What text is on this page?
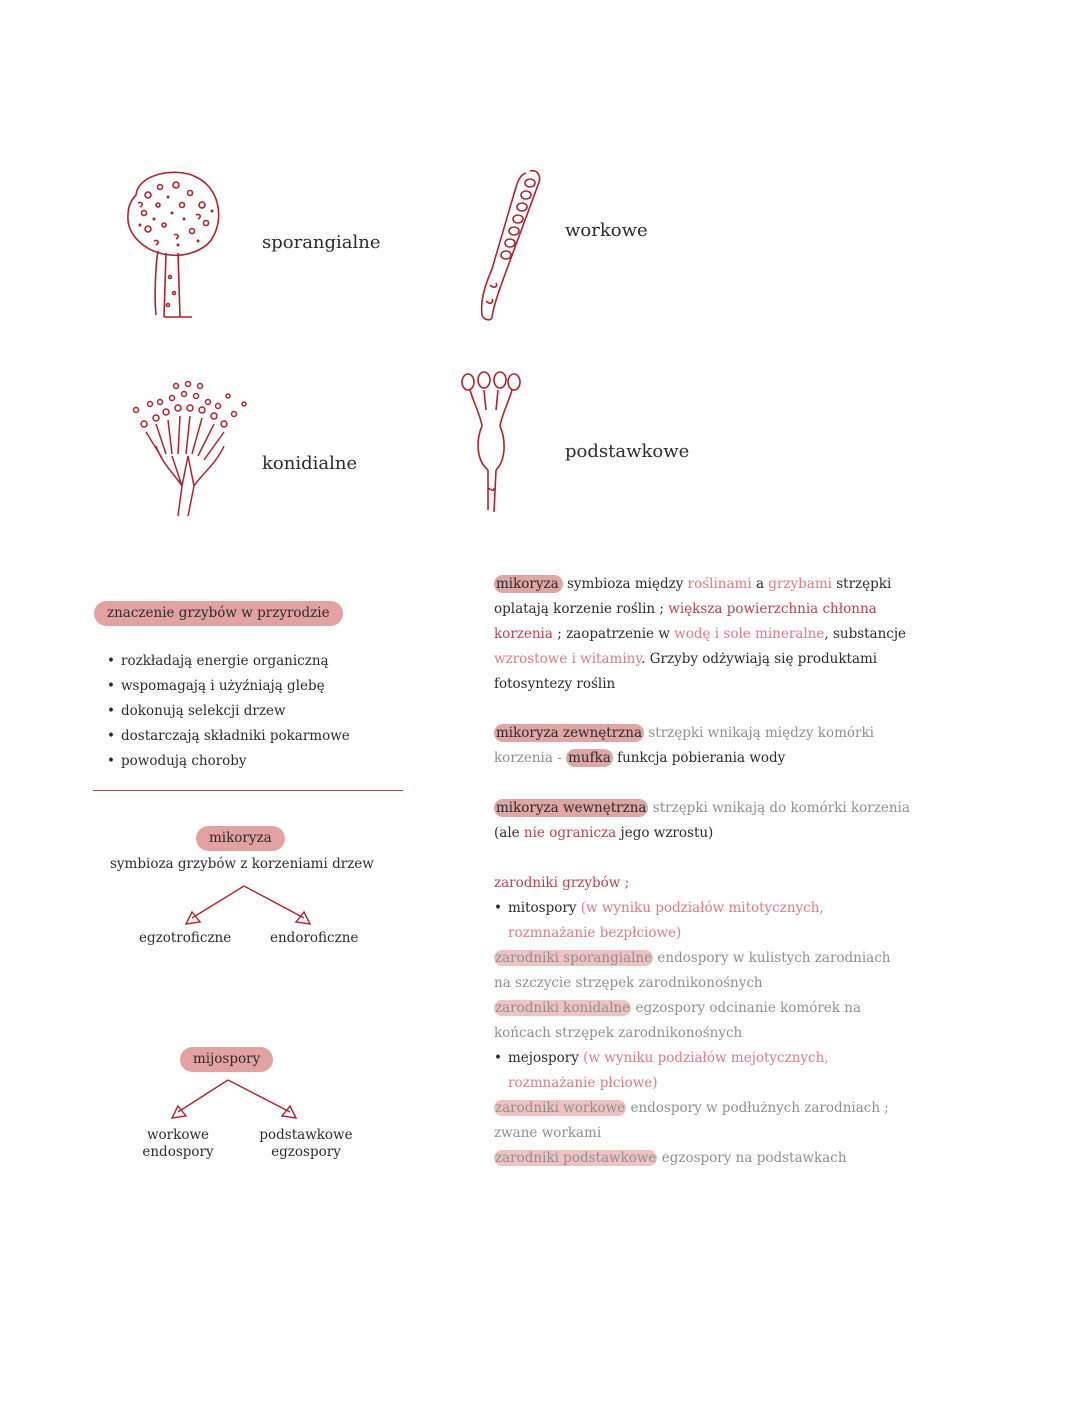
sporangialne
workowe
konidialne
podstawkowe
znaczenie grzybów w przyrodzie
• rozkładają energie organiczną
• wspomagają i użyźniają glebę
• dokonują selekcji drzew
• dostarczają składniki pokarmowe
• powodują choroby
mikoryza
symbioza grzybów z korzeniami drzew
egzotroficzne	endoroficzne
mijospory
workowe
endospory
podstawkowe
egzospory
mikoryza symbioza między roślinami a grzybami strzępki
oplatają korzenie roślin ; większa powierzchnia chłonna
korzenia ; zaopatrzenie w wodę i sole mineralne, substancje
wzrostowe i witaminy. Grzyby odżywiają się produktami
fotosyntezy roślin
mikoryza zewnętrzna strzępki wnikają między komórki
korzenia - mufka funkcja pobierania wody
mikoryza wewnętrzna strzępki wnikają do komórki korzenia
(ale nie ogranicza jego wzrostu)
zarodniki grzybów ;
• mitospory (w wyniku podziałów mitotycznych,
rozmnażanie bezpłciowe)
zarodniki sporangialne endospory w kulistych zarodniach
na szczycie strzępek zarodnikonośnych
zarodniki konidalne egzospory odcinanie komórek na
końcach strzępek zarodnikonośnych
• mejospory (w wyniku podziałów mejotycznych,
rozmnażanie płciowe)
zarodniki workowe endospory w podłużnych zarodniach ;
zwane workami
zarodniki podstawkowe egzospory na podstawkach
